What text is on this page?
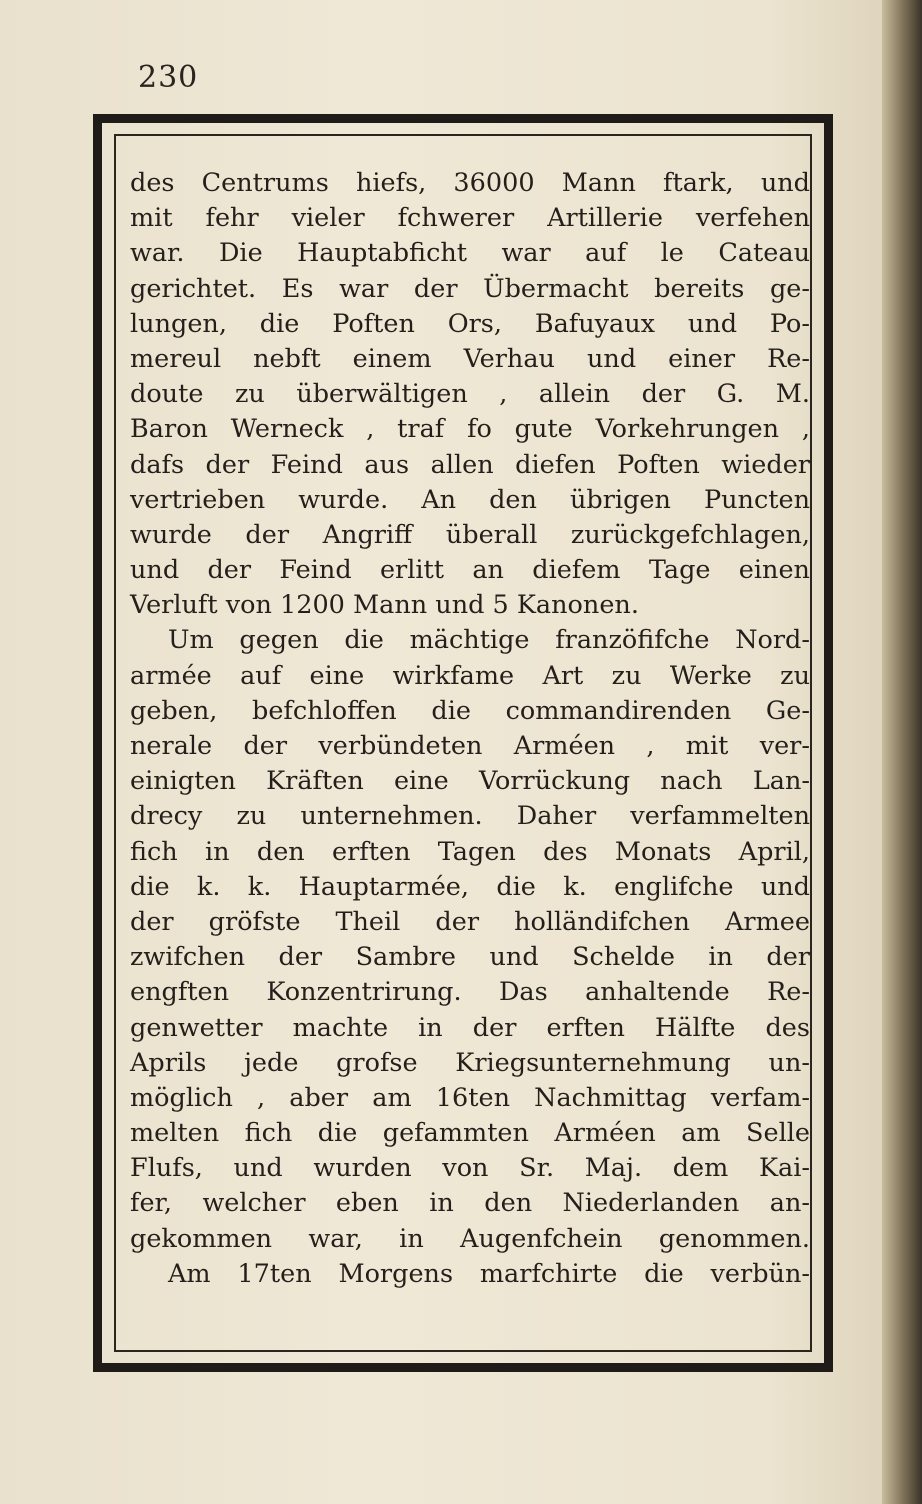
230
des Centrums hiefs, 36000 Mann ftark, und
mit fehr vieler fchwerer Artillerie verfehen
war. Die Hauptabficht war auf le Cateau
gerichtet. Es war der Übermacht bereits ge-
lungen, die Poften Ors, Bafuyaux und Po-
mereul nebft einem Verhau und einer Re-
doute zu überwältigen , allein der G. M.
Baron Werneck , traf fo gute Vorkehrungen ,
dafs der Feind aus allen diefen Poften wieder
vertrieben wurde. An den übrigen Puncten
wurde der Angriff überall zurückgefchlagen,
und der Feind erlitt an diefem Tage einen
Verluft von 1200 Mann und 5 Kanonen.
Um gegen die mächtige franzöfifche Nord-
armée auf eine wirkfame Art zu Werke zu
geben, befchloffen die commandirenden Ge-
nerale der verbündeten Arméen , mit ver-
einigten Kräften eine Vorrückung nach Lan-
drecy zu unternehmen. Daher verfammelten
fich in den erften Tagen des Monats April,
die k. k. Hauptarmée, die k. englifche und
der gröfste Theil der holländifchen Armee
zwifchen der Sambre und Schelde in der
engften Konzentrirung. Das anhaltende Re-
genwetter machte in der erften Hälfte des
Aprils jede grofse Kriegsunternehmung un-
möglich , aber am 16ten Nachmittag verfam-
melten fich die gefammten Arméen am Selle
Flufs, und wurden von Sr. Maj. dem Kai-
fer, welcher eben in den Niederlanden an-
gekommen war, in Augenfchein genommen.
Am 17ten Morgens marfchirte die verbün-
